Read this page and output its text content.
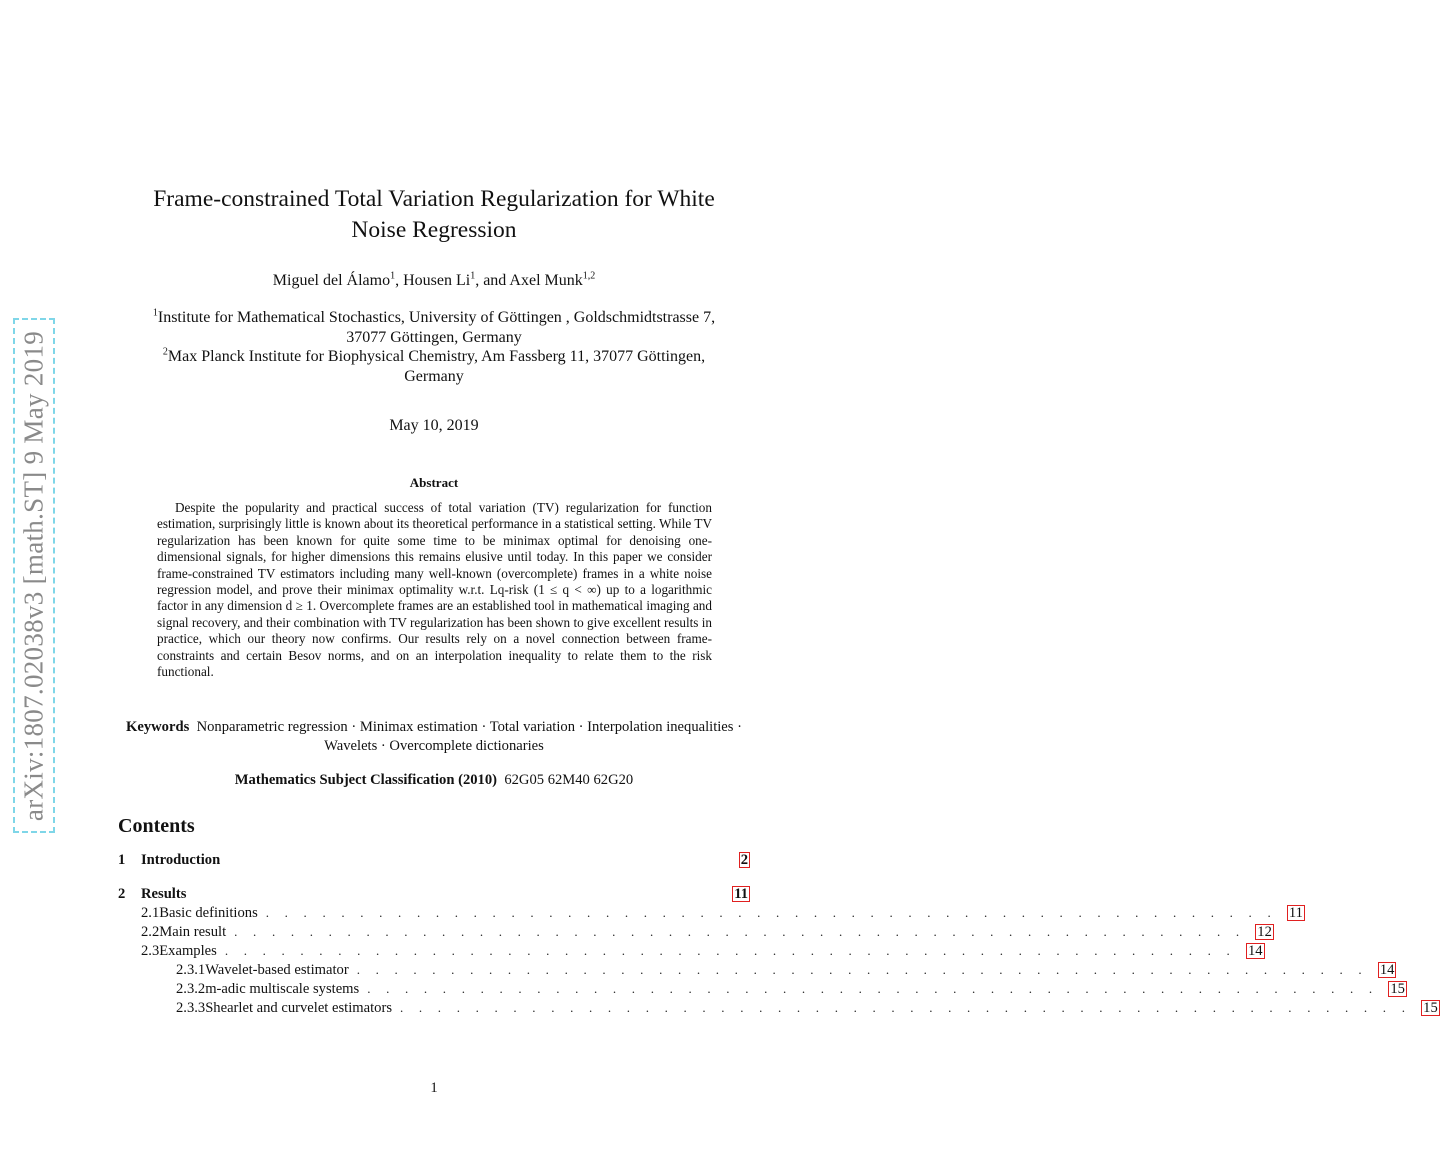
arXiv:1807.02038v3 [math.ST] 9 May 2019
Frame-constrained Total Variation Regularization for White
Noise Regression
Miguel del Álamo$^1$, Housen Li$^1$, and Axel Munk$^{1,2}$
$^1$Institute for Mathematical Stochastics, University of Göttingen , Goldschmidtstrasse 7,
37077 Göttingen, Germany
$^2$Max Planck Institute for Biophysical Chemistry, Am Fassberg 11, 37077 Göttingen,
Germany
May 10, 2019
Abstract

Despite the popularity and practical success of total variation (TV) regularization for function estimation, surprisingly little is known about its theoretical performance in a statistical setting. While TV regularization has been known for quite some time to be minimax optimal for denoising one-dimensional signals, for higher dimensions this remains elusive until today. In this paper we consider frame-constrained TV estimators including many well-known (overcomplete) frames in a white noise regression model, and prove their minimax optimality w.r.t. Lq-risk (1 ≤ q < ∞) up to a logarithmic factor in any dimension d ≥ 1. Overcomplete frames are an established tool in mathematical imaging and signal recovery, and their combination with TV regularization has been shown to give excellent results in practice, which our theory now confirms. Our results rely on a novel connection between frame-constraints and certain Besov norms, and on an interpolation inequality to relate them to the risk functional.

Keywords Nonparametric regression · Minimax estimation · Total variation · Interpolation inequalities · Wavelets · Overcomplete dictionaries
Mathematics Subject Classification (2010) 62G05 62M40 62G20
Contents
1	Introduction	2
2	Results	11
2.1 Basic definitions . . . . . . . . . . . . . . . . . . . . . . . . . . . . . . . . . . . . . . . . . . . . . . . . . . . . . . 11
2.2 Main result . . . . . . . . . . . . . . . . . . . . . . . . . . . . . . . . . . . . . . . . . . . . . . . . . . . . . . 12
2.3 Examples . . . . . . . . . . . . . . . . . . . . . . . . . . . . . . . . . . . . . . . . . . . . . . . . . . . . . . 14
2.3.1 Wavelet-based estimator . . . . . . . . . . . . . . . . . . . . . . . . . . . . . . . . . . . . . . . . . . . . . . . . . . . . . . 14
2.3.2 m-adic multiscale systems . . . . . . . . . . . . . . . . . . . . . . . . . . . . . . . . . . . . . . . . . . . . . . . . . . . . . . 15
2.3.3 Shearlet and curvelet estimators . . . . . . . . . . . . . . . . . . . . . . . . . . . . . . . . . . . . . . . . . . . . . . . . . . . . . . 15
1
